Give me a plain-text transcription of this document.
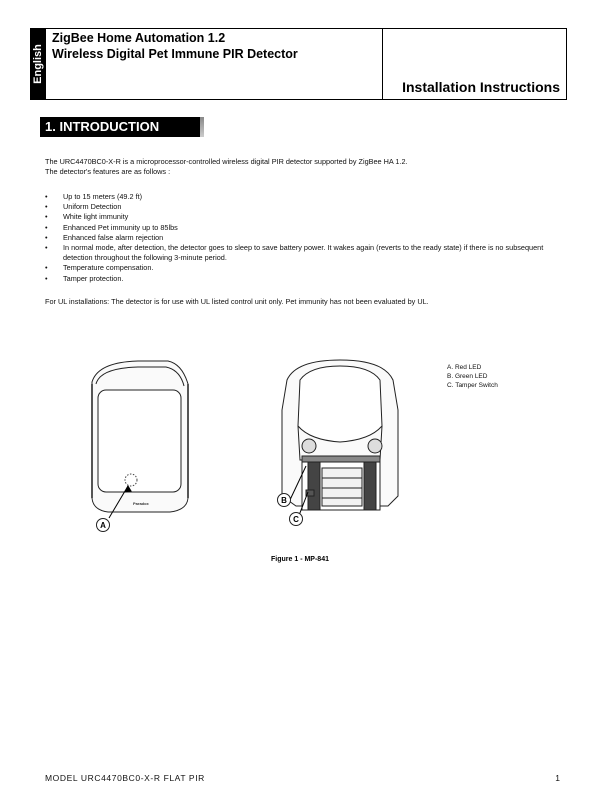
English
ZigBee Home Automation 1.2
Wireless Digital Pet Immune PIR Detector
Installation Instructions
1. INTRODUCTION

The URC4470BC0-X-R is a microprocessor-controlled wireless digital PIR detector supported by ZigBee HA 1.2.

The detector's features are as follows :

• Up to 15 meters (49.2 ft)
• Uniform Detection
• White light immunity
• Enhanced Pet immunity up to 85lbs
• Enhanced false alarm rejection
• In normal mode, after detection, the detector goes to sleep to save battery power. It wakes again (reverts to the ready state) if there is no subsequent detection throughout the following 3-minute period.
• Temperature compensation.
• Tamper protection.
For UL installations: The detector is for use with UL listed control unit only. Pet immunity has not been evaluated by UL.
Paradox
A
B
C
A. Red LED
B. Green LED
C. Tamper Switch
Figure 1 - MP-841
MODEL URC4470BC0-X-R FLAT PIR	1
